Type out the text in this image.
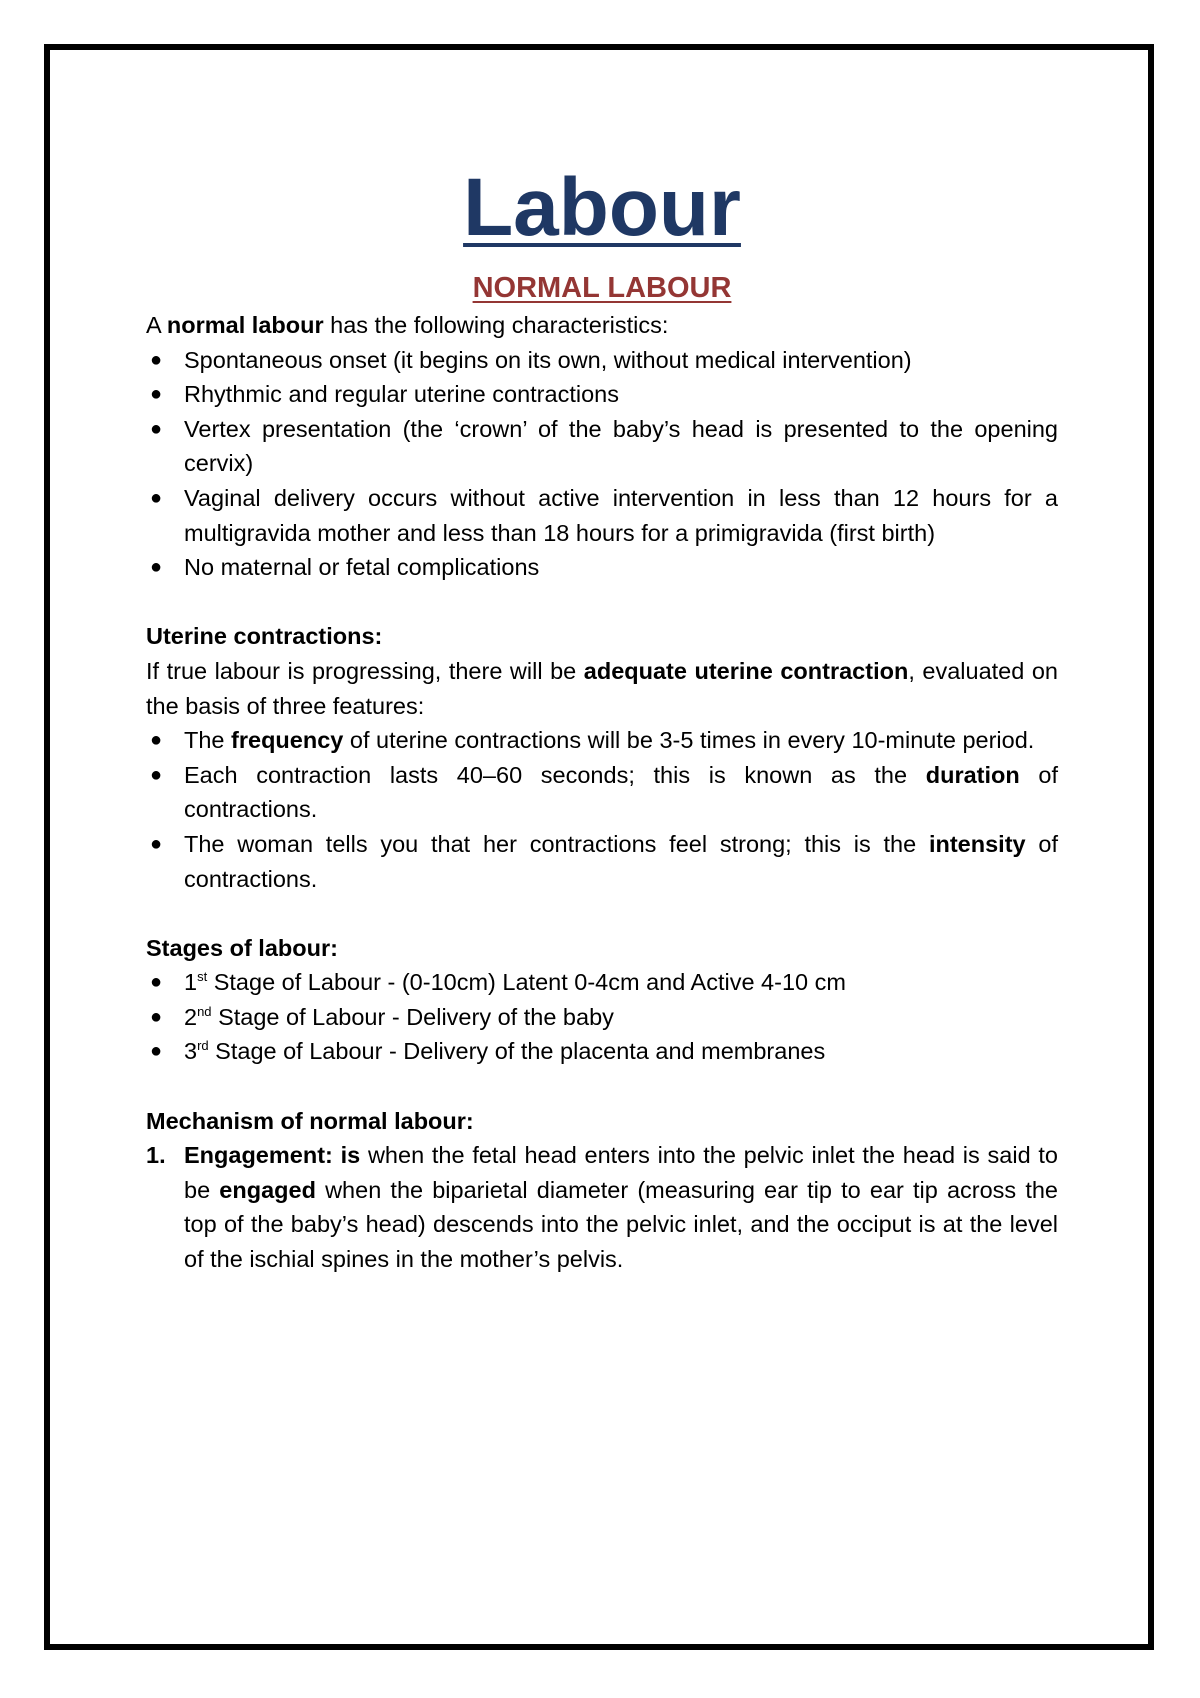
Labour
NORMAL LABOUR

A normal labour has the following characteristics:

● Spontaneous onset (it begins on its own, without medical intervention)
● Rhythmic and regular uterine contractions
● Vertex presentation (the ‘crown’ of the baby’s head is presented to the opening cervix)
● Vaginal delivery occurs without active intervention in less than 12 hours for a multigravida mother and less than 18 hours for a primigravida (first birth)
● No maternal or fetal complications

Uterine contractions:

If true labour is progressing, there will be adequate uterine contraction, evaluated on the basis of three features:

● The frequency of uterine contractions will be 3-5 times in every 10-minute period.
● Each contraction lasts 40–60 seconds; this is known as the duration of contractions.
● The woman tells you that her contractions feel strong; this is the intensity of contractions.

Stages of labour:

● 1st Stage of Labour - (0-10cm) Latent 0-4cm and Active 4-10 cm
● 2nd Stage of Labour - Delivery of the baby
● 3rd Stage of Labour - Delivery of the placenta and membranes

Mechanism of normal labour:

1. Engagement: is when the fetal head enters into the pelvic inlet the head is said to be engaged when the biparietal diameter (measuring ear tip to ear tip across the top of the baby’s head) descends into the pelvic inlet, and the occiput is at the level of the ischial spines in the mother’s pelvis.
